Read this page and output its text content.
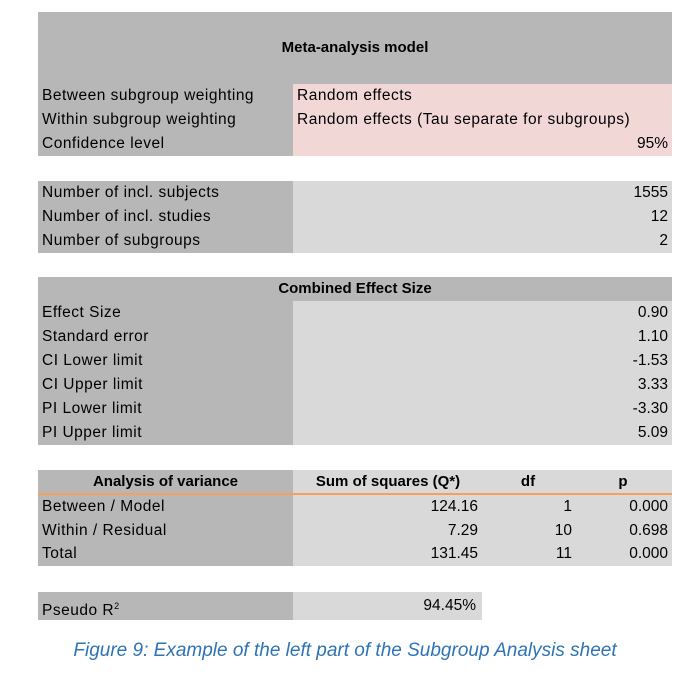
Meta-analysis model
Between subgroup weighting	Random effects
Within subgroup weighting	Random effects (Tau separate for subgroups)
Confidence level	95%
Number of incl. subjects	1555
Number of incl. studies	12
Number of subgroups	2
Combined Effect Size
Effect Size	0.90
Standard error	1.10
CI Lower limit	-1.53
CI Upper limit	3.33
PI Lower limit	-3.30
PI Upper limit	5.09
Analysis of variance	Sum of squares (Q*)	df	p
Between / Model	124.16	1	0.000
Within / Residual	7.29	10	0.698
Total	131.45	11	0.000
Pseudo $R^2$	94.45%
Figure 9: Example of the left part of the Subgroup Analysis sheet
